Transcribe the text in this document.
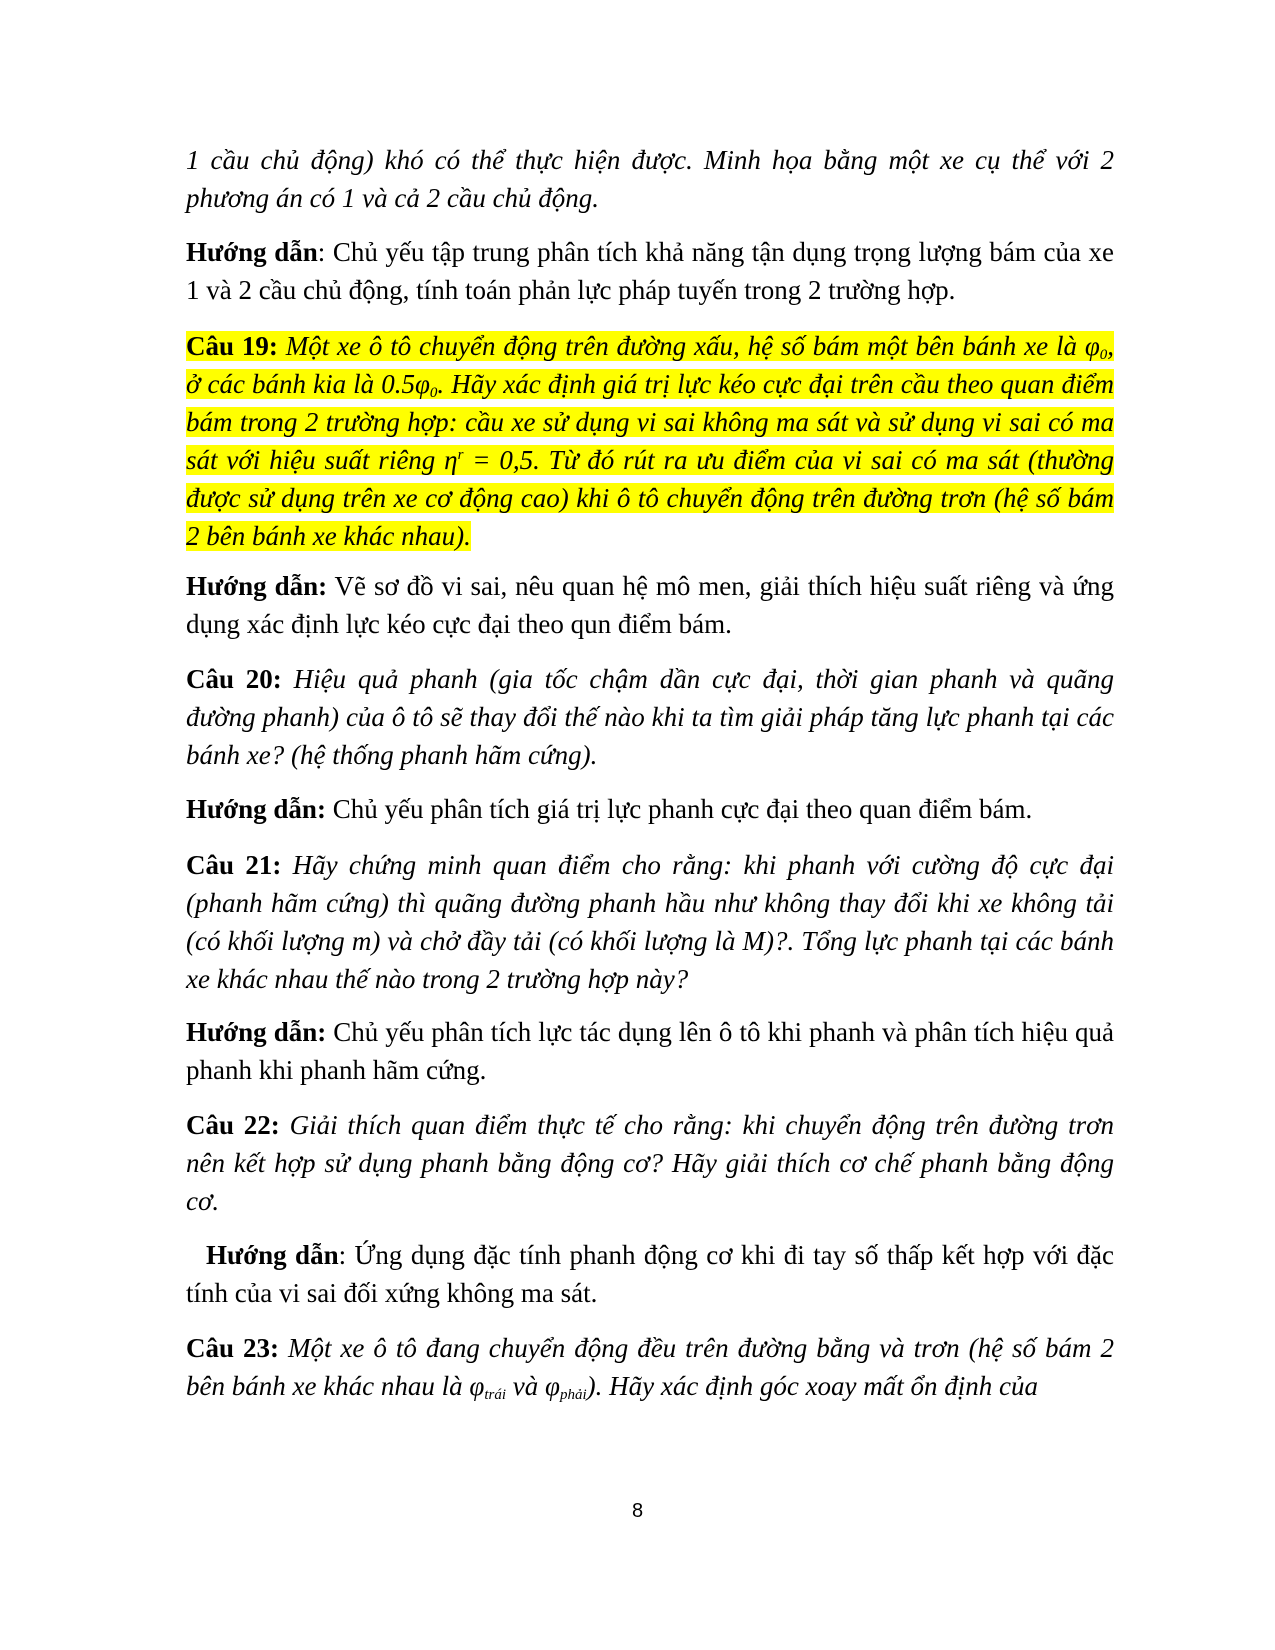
1 cầu chủ động) khó có thể thực hiện được. Minh họa bằng một xe cụ thể với 2 phương án có 1 và cả 2 cầu chủ động.
Hướng dẫn: Chủ yếu tập trung phân tích khả năng tận dụng trọng lượng bám của xe 1 và 2 cầu chủ động, tính toán phản lực pháp tuyến trong 2 trường hợp.
Câu 19: Một xe ô tô chuyển động trên đường xấu, hệ số bám một bên bánh xe là $\varphi_0$, ở các bánh kia là $0.5\varphi_0$. Hãy xác định giá trị lực kéo cực đại trên cầu theo quan điểm bám trong 2 trường hợp: cầu xe sử dụng vi sai không ma sát và sử dụng vi sai có ma sát với hiệu suất riêng $\eta^r = 0,5$. Từ đó rút ra ưu điểm của vi sai có ma sát (thường được sử dụng trên xe cơ động cao) khi ô tô chuyển động trên đường trơn (hệ số bám 2 bên bánh xe khác nhau).
Hướng dẫn: Vẽ sơ đồ vi sai, nêu quan hệ mô men, giải thích hiệu suất riêng và ứng dụng xác định lực kéo cực đại theo qun điểm bám.
Câu 20: Hiệu quả phanh (gia tốc chậm dần cực đại, thời gian phanh và quãng đường phanh) của ô tô sẽ thay đổi thế nào khi ta tìm giải pháp tăng lực phanh tại các bánh xe? (hệ thống phanh hãm cứng).
Hướng dẫn: Chủ yếu phân tích giá trị lực phanh cực đại theo quan điểm bám.
Câu 21: Hãy chứng minh quan điểm cho rằng: khi phanh với cường độ cực đại (phanh hãm cứng) thì quãng đường phanh hầu như không thay đổi khi xe không tải (có khối lượng m) và chở đầy tải (có khối lượng là M)?. Tổng lực phanh tại các bánh xe khác nhau thế nào trong 2 trường hợp này?
Hướng dẫn: Chủ yếu phân tích lực tác dụng lên ô tô khi phanh và phân tích hiệu quả phanh khi phanh hãm cứng.
Câu 22: Giải thích quan điểm thực tế cho rằng: khi chuyển động trên đường trơn nên kết hợp sử dụng phanh bằng động cơ? Hãy giải thích cơ chế phanh bằng động cơ.
Hướng dẫn: Ứng dụng đặc tính phanh động cơ khi đi tay số thấp kết hợp với đặc tính của vi sai đối xứng không ma sát.
Câu 23: Một xe ô tô đang chuyển động đều trên đường bằng và trơn (hệ số bám 2 bên bánh xe khác nhau là $\varphi_{trái}$ và $\varphi_{phải}$). Hãy xác định góc xoay mất ổn định của
8
